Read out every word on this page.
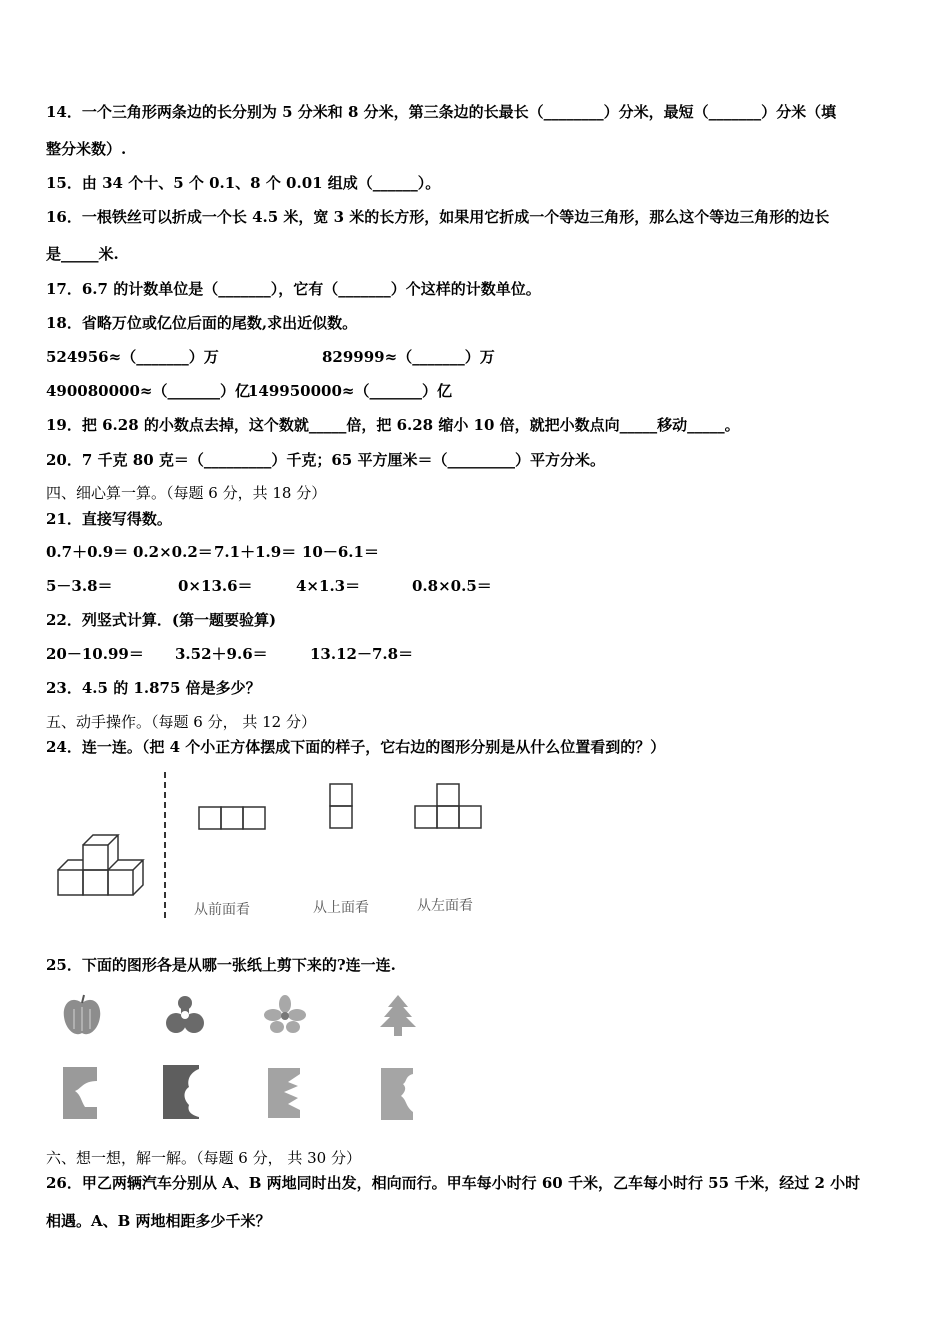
14．一个三角形两条边的长分别为 5 分米和 8 分米，第三条边的长最长（________）分米，最短（_______）分米（填
整分米数）.
15．由 34 个十、5 个 0.1、8 个 0.01 组成（______）。
16．一根铁丝可以折成一个长 4.5 米，宽 3 米的长方形，如果用它折成一个等边三角形，那么这个等边三角形的边长
是_____米.
17．6.7 的计数单位是（_______），它有（_______）个这样的计数单位。
18．省略万位或亿位后面的尾数,求出近似数。
524956≈（_______）万	829999≈（_______）万
490080000≈（_______）亿
149950000≈（_______）亿
19．把 6.28 的小数点去掉，这个数就_____倍，把 6.28 缩小 10 倍，就把小数点向_____移动_____。
20．7 千克 80 克＝（_________）千克；65 平方厘米＝（_________）平方分米。
四、细心算一算。（每题 6 分，共 18 分）
21．直接写得数。
0.7＋0.9＝ 0.2×0.2＝ 7.1＋1.9＝ 10－6.1＝
5－3.8＝	0×13.6＝	4×1.3＝	0.8×0.5＝
22．列竖式计算．(第一题要验算)
20－10.99＝ 3.52＋9.6＝	13.12－7.8＝
23．4.5 的 1.875 倍是多少？
五、动手操作。（每题 6 分， 共 12 分）
24．连一连。（把 4 个小正方体摆成下面的样子，它右边的图形分别是从什么位置看到的？）
从前面看	从上面看	从左面看
25．下面的图形各是从哪一张纸上剪下来的?连一连.
六、想一想，解一解。（每题 6 分， 共 30 分）
26．甲乙两辆汽车分别从 A、B 两地同时出发，相向而行。甲车每小时行 60 千米，乙车每小时行 55 千米，经过 2 小时
相遇。A、B 两地相距多少千米？
